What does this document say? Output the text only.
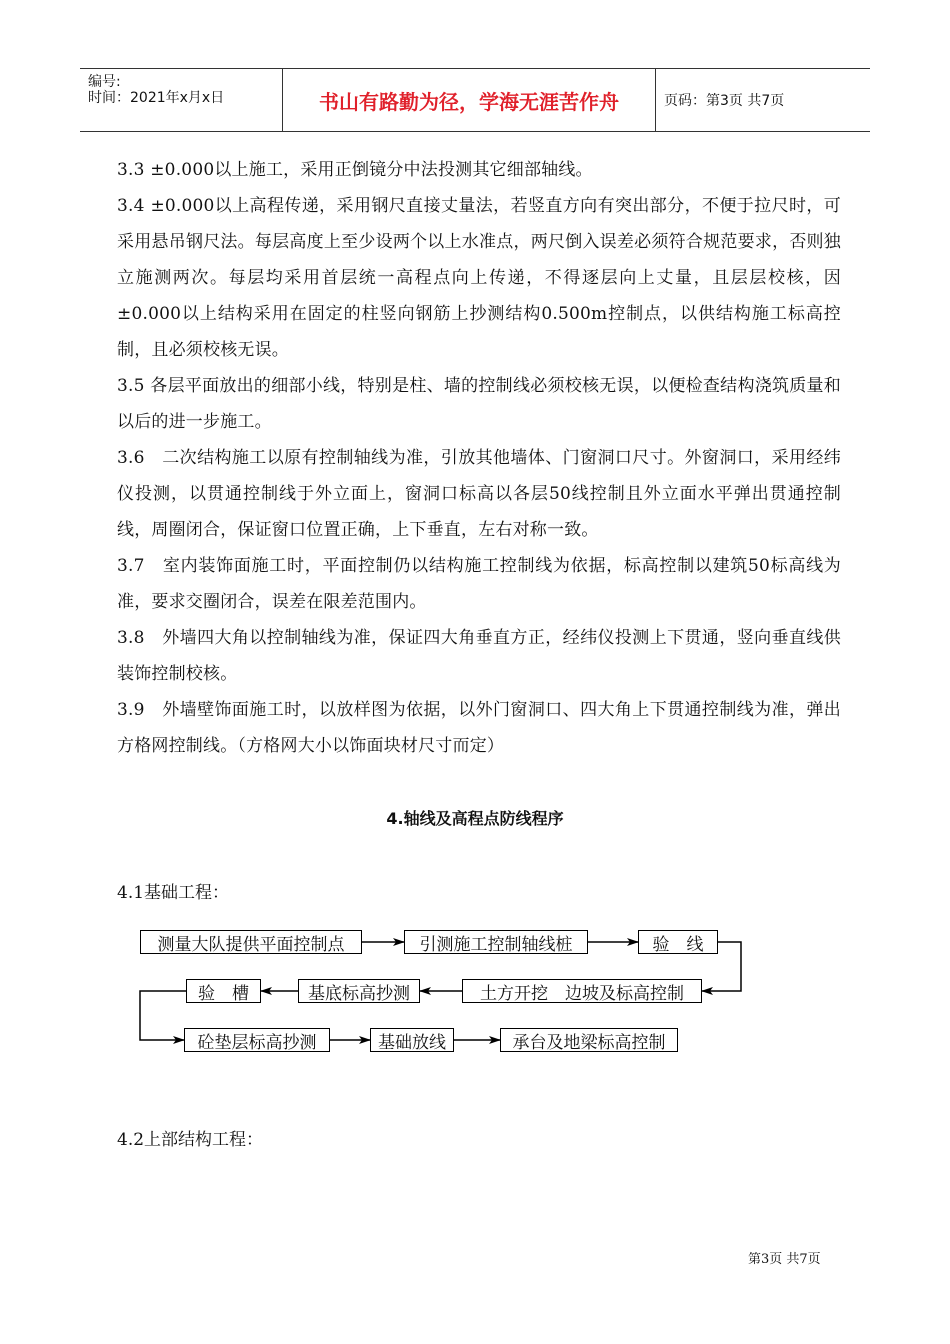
编号:
时间：2021年x月x日	书山有路勤为径，学海无涯苦作舟	页码：第3页 共7页

3.3 ±0.000以上施工，采用正倒镜分中法投测其它细部轴线。

3.4 ±0.000以上高程传递，采用钢尺直接丈量法，若竖直方向有突出部分，不便于拉尺时，可采用悬吊钢尺法。每层高度上至少设两个以上水准点，两尺倒入误差必须符合规范要求，否则独立施测两次。每层均采用首层统一高程点向上传递，不得逐层向上丈量，且层层校核，因±0.000以上结构采用在固定的柱竖向钢筋上抄测结构0.500m控制点，以供结构施工标高控制，且必须校核无误。

3.5 各层平面放出的细部小线，特别是柱、墙的控制线必须校核无误，以便检查结构浇筑质量和以后的进一步施工。

3.6　二次结构施工以原有控制轴线为准，引放其他墙体、门窗洞口尺寸。外窗洞口，采用经纬仪投测，以贯通控制线于外立面上，窗洞口标高以各层50线控制且外立面水平弹出贯通控制线，周圈闭合，保证窗口位置正确，上下垂直，左右对称一致。

3.7　室内装饰面施工时，平面控制仍以结构施工控制线为依据，标高控制以建筑50标高线为准，要求交圈闭合，误差在限差范围内。

3.8　外墙四大角以控制轴线为准，保证四大角垂直方正，经纬仪投测上下贯通，竖向垂直线供装饰控制校核。

3.9　外墙壁饰面施工时，以放样图为依据，以外门窗洞口、四大角上下贯通控制线为准，弹出方格网控制线。（方格网大小以饰面块材尺寸而定）

4.轴线及高程点防线程序
4.1基础工程：
测量大队提供平面控制点	引测施工控制轴线桩	验　线
验　槽	基底标高抄测	土方开挖　边坡及标高控制
砼垫层标高抄测	基础放线	承台及地梁标高控制
4.2上部结构工程：
第3页 共7页
